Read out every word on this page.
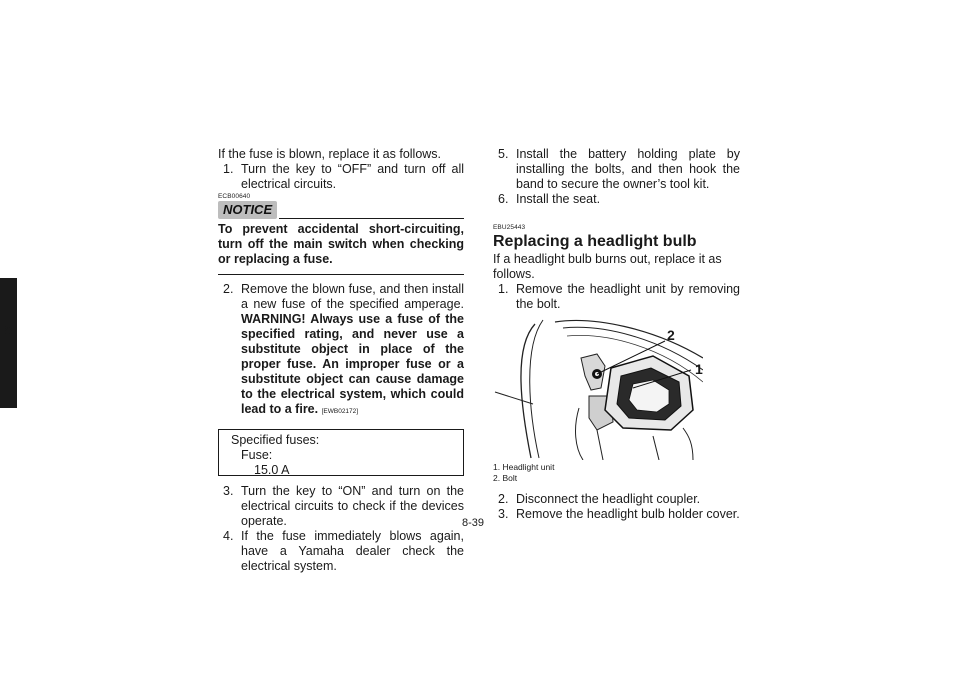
8

If the fuse is blown, replace it as follows.

1. Turn the key to “OFF” and turn off all electrical circuits.
ECB00640
NOTICE
To prevent accidental short-circuiting, turn off the main switch when checking or replacing a fuse.
2. Remove the blown fuse, and then install a new fuse of the specified amperage. WARNING! Always use a fuse of the specified rating, and never use a substitute object in place of the proper fuse. An improper fuse or a substitute object can cause damage to the electrical system, which could lead to a fire. [EWB02172]
Specified fuses:
Fuse:
15.0 A
3. Turn the key to “ON” and turn on the electrical circuits to check if the devices operate.
4. If the fuse immediately blows again, have a Yamaha dealer check the electrical system.
5. Install the battery holding plate by installing the bolts, and then hook the band to secure the owner’s tool kit.
6. Install the seat.
EBU25443
Replacing a headlight bulb

If a headlight bulb burns out, replace it as follows.

1. Remove the headlight unit by removing the bolt.
2
1
1. Headlight unit
2. Bolt
2. Disconnect the headlight coupler.
3. Remove the headlight bulb holder cover.
8-39
